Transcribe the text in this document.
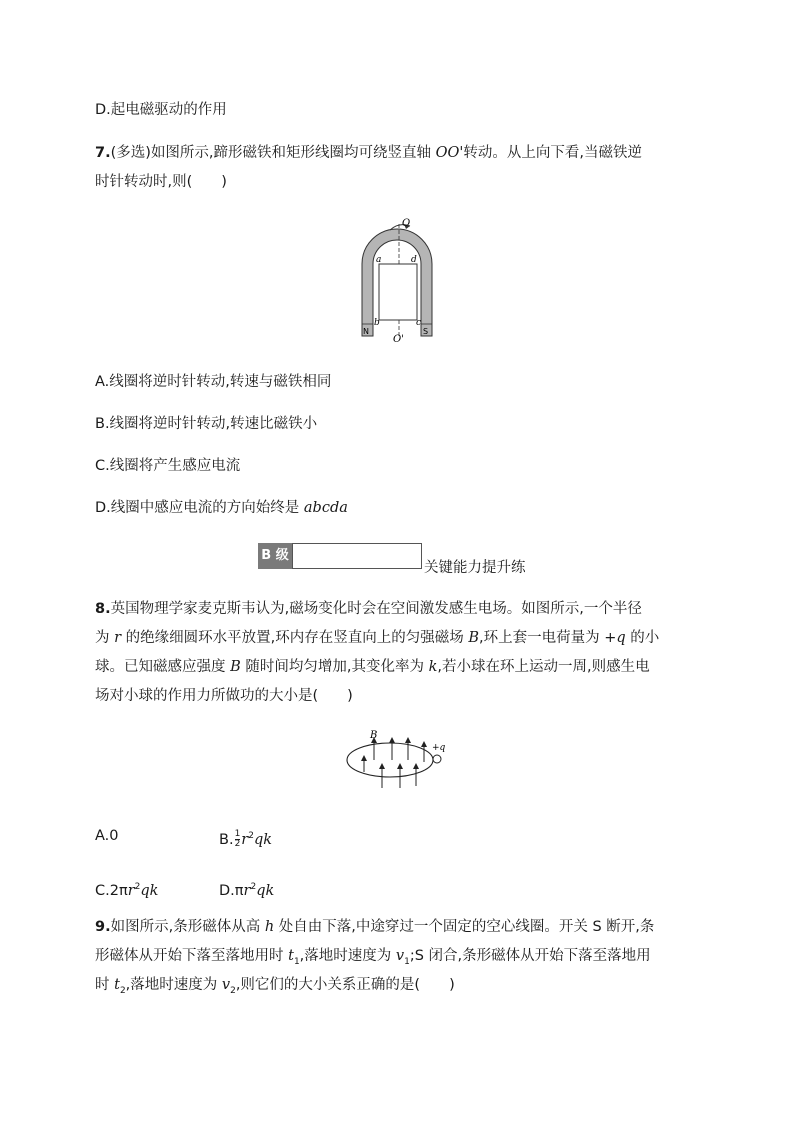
D.起电磁驱动的作用
7.(多选)如图所示,蹄形磁铁和矩形线圈均可绕竖直轴 OO'转动。从上向下看,当磁铁逆
时针转动时,则(　　)
O
O'
a	d
b	c
N	S
A.线圈将逆时针转动,转速与磁铁相同
B.线圈将逆时针转动,转速比磁铁小
C.线圈将产生感应电流
D.线圈中感应电流的方向始终是 abcda
B 级
关键能力提升练
8.英国物理学家麦克斯韦认为,磁场变化时会在空间激发感生电场。如图所示,一个半径
为 r 的绝缘细圆环水平放置,环内存在竖直向上的匀强磁场 B,环上套一电荷量为 +q 的小
球。已知磁感应强度 B 随时间均匀增加,其变化率为 k,若小球在环上运动一周,则感生电
场对小球的作用力所做功的大小是(　　)
B
+q
A.0	B. $\frac{1}{2} r^2qk$
$C.2\pi r^2qk$	$D.\pi r^2qk$
9.如图所示,条形磁体从高 h 处自由下落,中途穿过一个固定的空心线圈。开关 S 断开,条
形磁体从开始下落至落地用时 $t_1$,落地时速度为 $v_1;S$ 闭合,条形磁体从开始下落至落地用
时 $t_2$,落地时速度为 $v_2$,则它们的大小关系正确的是(　　)
